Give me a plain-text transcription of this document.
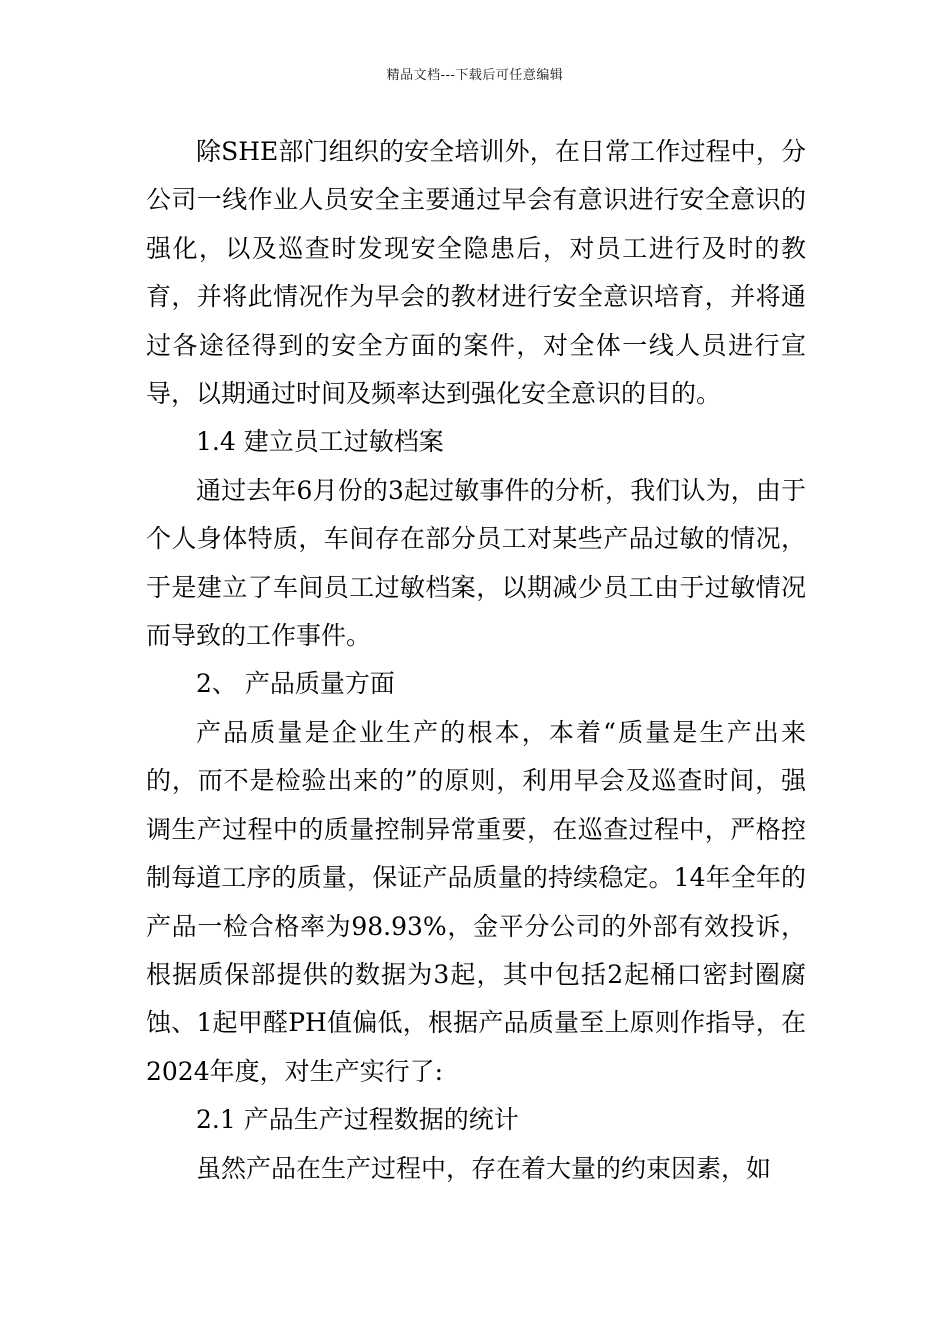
精品文档---下载后可任意编辑

除SHE部门组织的安全培训外，在日常工作过程中，分公司一线作业人员安全主要通过早会有意识进行安全意识的强化，以及巡查时发现安全隐患后，对员工进行及时的教育，并将此情况作为早会的教材进行安全意识培育，并将通过各途径得到的安全方面的案件，对全体一线人员进行宣导，以期通过时间及频率达到强化安全意识的目的。

1.4 建立员工过敏档案

通过去年6月份的3起过敏事件的分析，我们认为，由于个人身体特质，车间存在部分员工对某些产品过敏的情况，于是建立了车间员工过敏档案，以期减少员工由于过敏情况而导致的工作事件。

2、 产品质量方面

产品质量是企业生产的根本，本着“质量是生产出来的，而不是检验出来的”的原则，利用早会及巡查时间，强调生产过程中的质量控制异常重要，在巡查过程中，严格控制每道工序的质量，保证产品质量的持续稳定。14年全年的产品一检合格率为98.93%，金平分公司的外部有效投诉，根据质保部提供的数据为3起，其中包括2起桶口密封圈腐蚀、1起甲醛PH值偏低，根据产品质量至上原则作指导，在2024年度，对生产实行了:

2.1 产品生产过程数据的统计

虽然产品在生产过程中，存在着大量的约束因素，如
